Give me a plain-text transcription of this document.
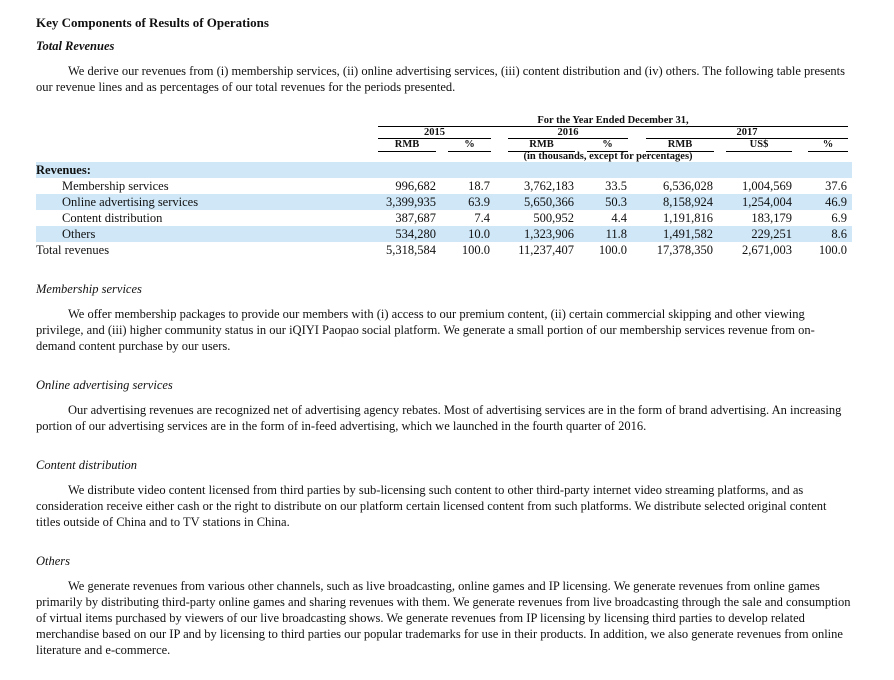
Key Components of Results of Operations
Total Revenues
We derive our revenues from (i) membership services, (ii) online advertising services, (iii) content distribution and (iv) others. The following table presents our revenue lines and as percentages of our total revenues for the periods presented.
For the Year Ended December 31,
2015	2016	2017
RMB	%	RMB	%	RMB	US$	%
(in thousands, except for percentages)
Revenues:
Membership services	996,682	18.7	3,762,183 33.5	6,536,028 1,004,569	37.6
Online advertising services	3,399,935	63.9	5,650,366 50.3	8,158,924 1,254,004	46.9
Content distribution	387,687	7.4	500,952	4.4	1,191,816	183,179	6.9
Others	534,280	10.0	1,323,906	11.8	1,491,582	229,251	8.6
Total revenues	5,318,584 100.0 11,237,407 100.0 17,378,350 2,671,003 100.0
Membership services
We offer membership packages to provide our members with (i) access to our premium content, (ii) certain commercial skipping and other viewing privilege, and (iii) higher community status in our iQIYI Paopao social platform. We generate a small portion of our membership services revenue from on-demand content purchase by our users.
Online advertising services
Our advertising revenues are recognized net of advertising agency rebates. Most of advertising services are in the form of brand advertising. An increasing portion of our advertising services are in the form of in-feed advertising, which we launched in the fourth quarter of 2016.
Content distribution
We distribute video content licensed from third parties by sub-licensing such content to other third-party internet video streaming platforms, and as consideration receive either cash or the right to distribute on our platform certain licensed content from such platforms. We distribute selected original content titles outside of China and to TV stations in China.
Others
We generate revenues from various other channels, such as live broadcasting, online games and IP licensing. We generate revenues from online games primarily by distributing third-party online games and sharing revenues with them. We generate revenues from live broadcasting through the sale and consumption of virtual items purchased by viewers of our live broadcasting shows. We generate revenues from IP licensing by licensing third parties to develop related merchandise based on our IP and by licensing to third parties our popular trademarks for use in their products. In addition, we also generate revenues from online literature and e-commerce.
